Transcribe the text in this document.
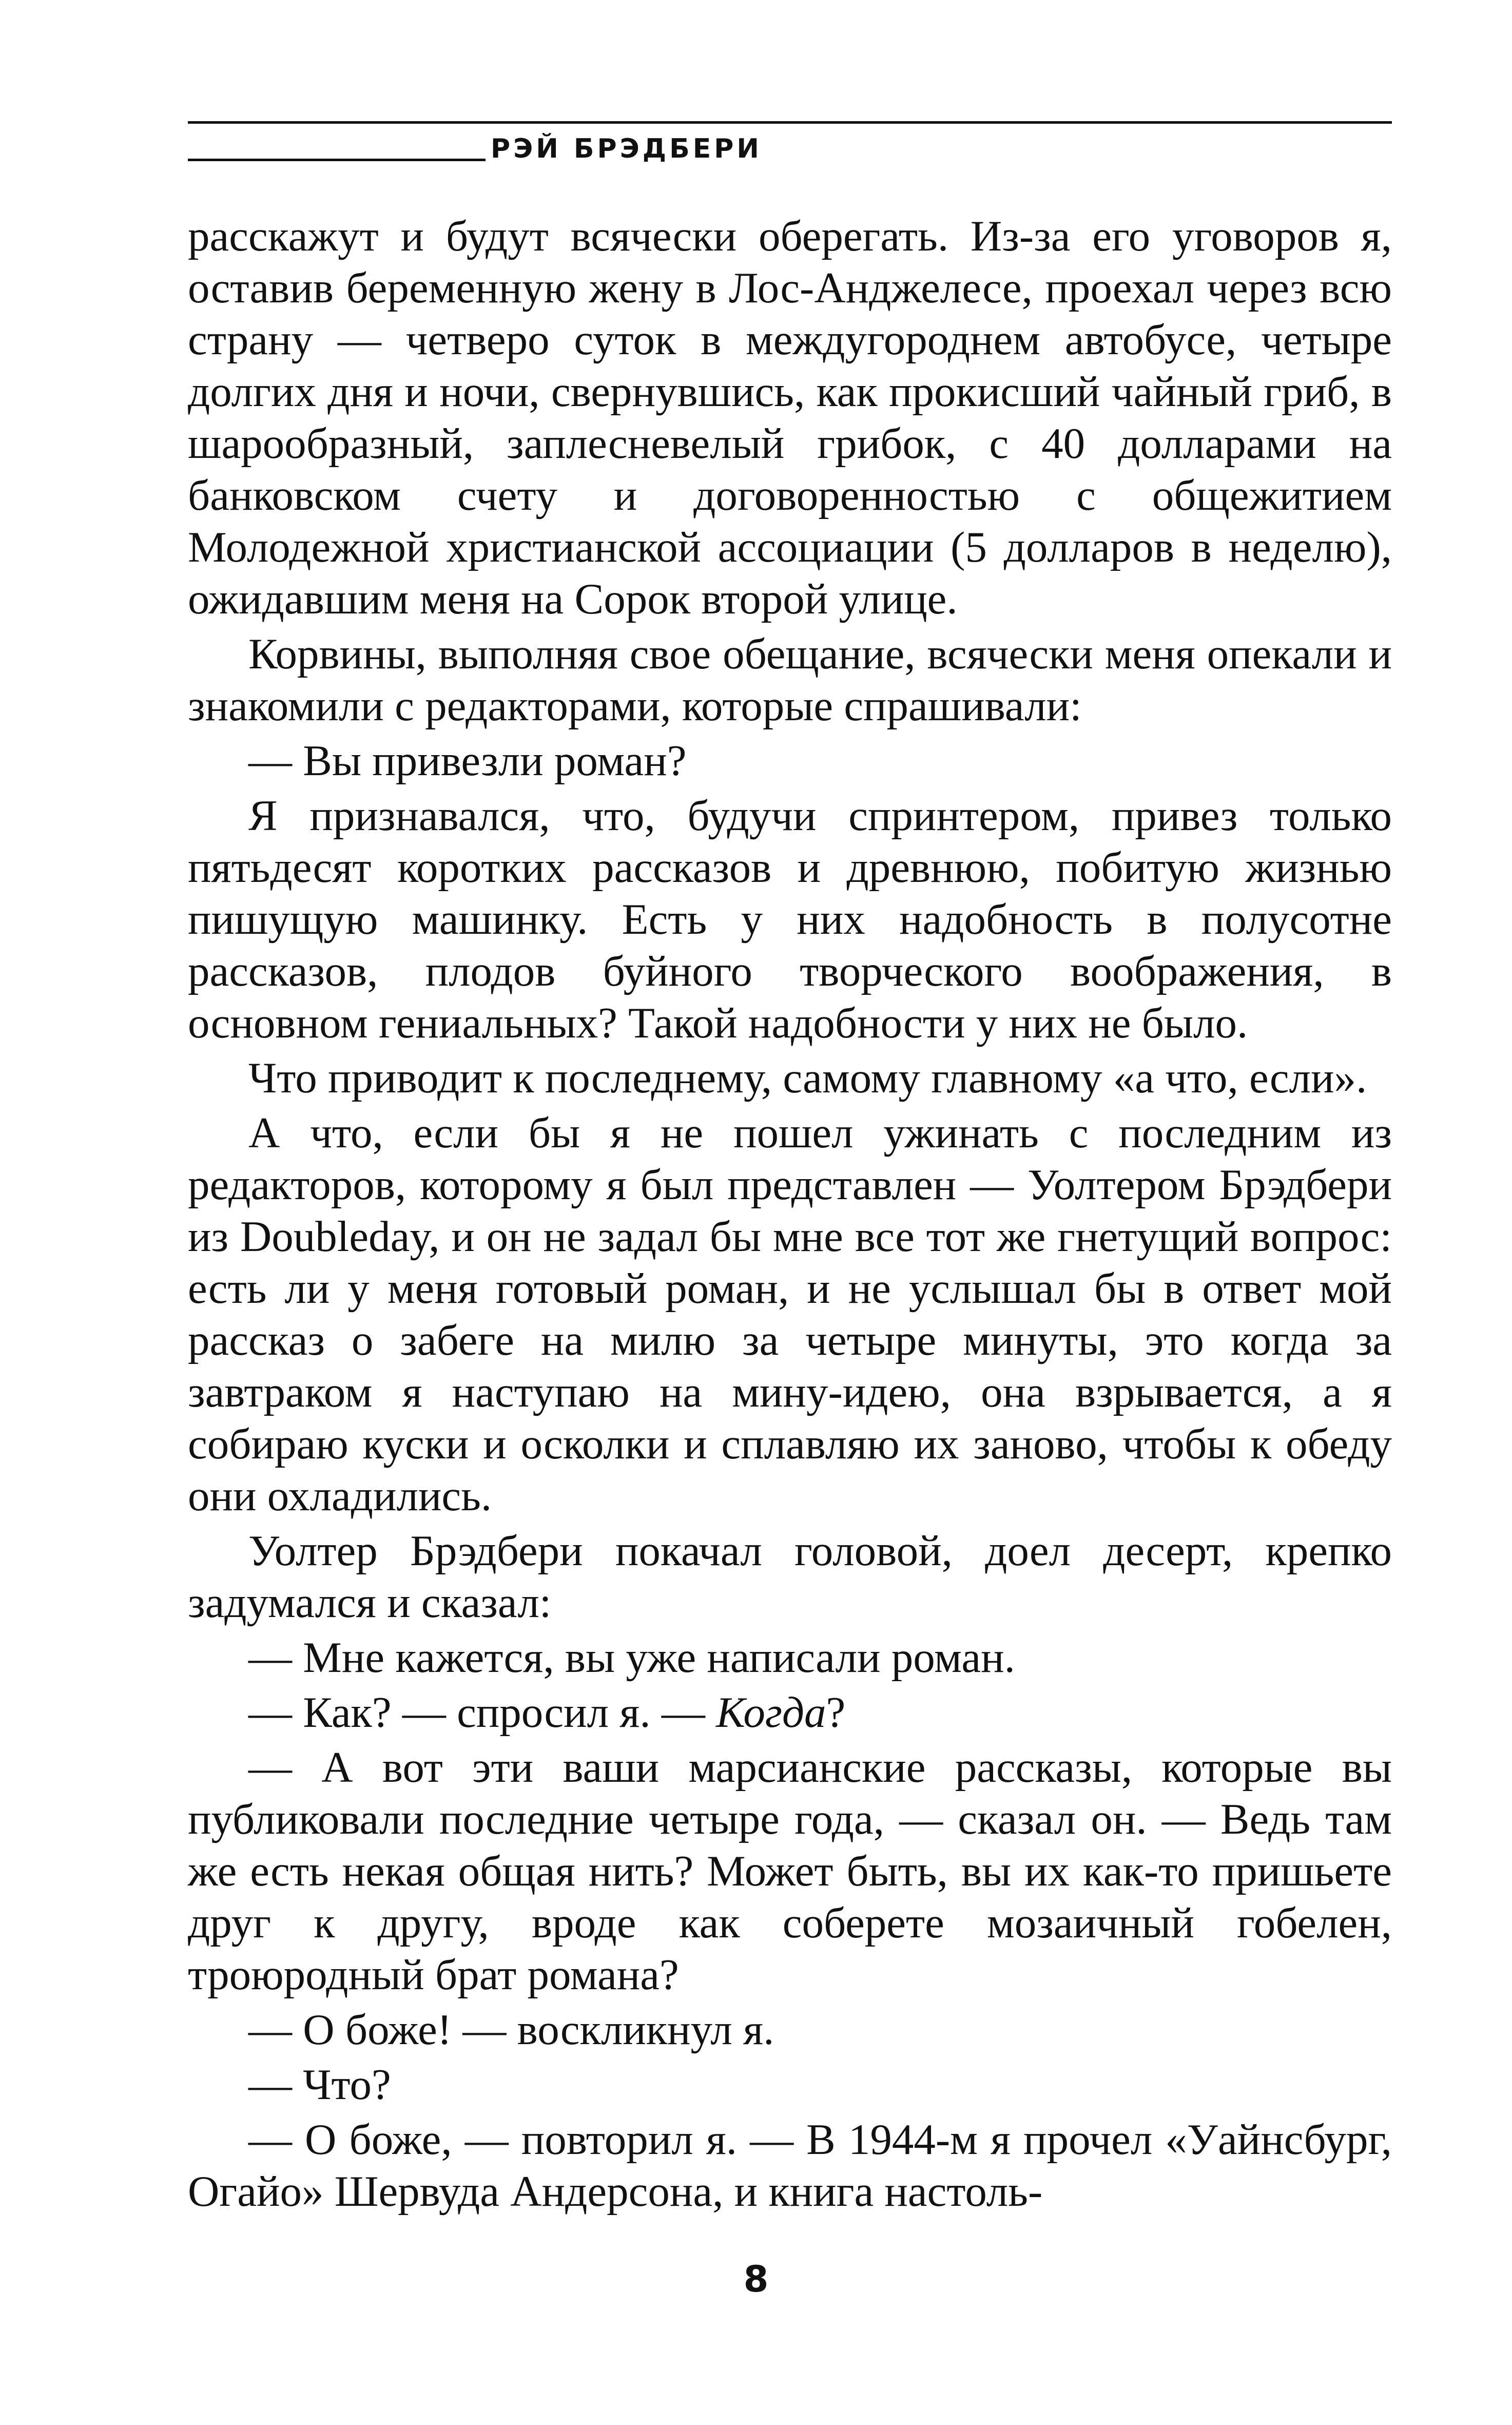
РЭЙ БРЭДБЕРИ

расскажут и будут всячески оберегать. Из-за его уговоров я, оставив беременную жену в Лос-Анджелесе, проехал через всю страну — четверо суток в междугороднем автобусе, четыре долгих дня и ночи, свернувшись, как прокисший чайный гриб, в шарообразный, заплесневелый грибок, с 40 долларами на банковском счету и договоренностью с общежитием Молодежной христианской ассоциации (5 долларов в неделю), ожидавшим меня на Сорок второй улице.

Корвины, выполняя свое обещание, всячески меня опекали и знакомили с редакторами, которые спрашивали:

— Вы привезли роман?

Я признавался, что, будучи спринтером, привез только пятьдесят коротких рассказов и древнюю, побитую жизнью пишущую машинку. Есть у них надобность в полусотне рассказов, плодов буйного творческого воображения, в основном гениальных? Такой надобности у них не было.

Что приводит к последнему, самому главному «а что, если».

А что, если бы я не пошел ужинать с последним из редакторов, которому я был представлен — Уолтером Брэдбери из Doubleday, и он не задал бы мне все тот же гнетущий вопрос: есть ли у меня готовый роман, и не услышал бы в ответ мой рассказ о забеге на милю за четыре минуты, это когда за завтраком я наступаю на мину-идею, она взрывается, а я собираю куски и осколки и сплавляю их заново, чтобы к обеду они охладились.

Уолтер Брэдбери покачал головой, доел десерт, крепко задумался и сказал:

— Мне кажется, вы уже написали роман.

— Как? — спросил я. — Когда?

— А вот эти ваши марсианские рассказы, которые вы публиковали последние четыре года, — сказал он. — Ведь там же есть некая общая нить? Может быть, вы их как-то пришьете друг к другу, вроде как соберете мозаичный гобелен, троюродный брат романа?

— О боже! — воскликнул я.

— Что?

— О боже, — повторил я. — В 1944-м я прочел «Уайнсбург, Огайо» Шервуда Андерсона, и книга настоль-

8
